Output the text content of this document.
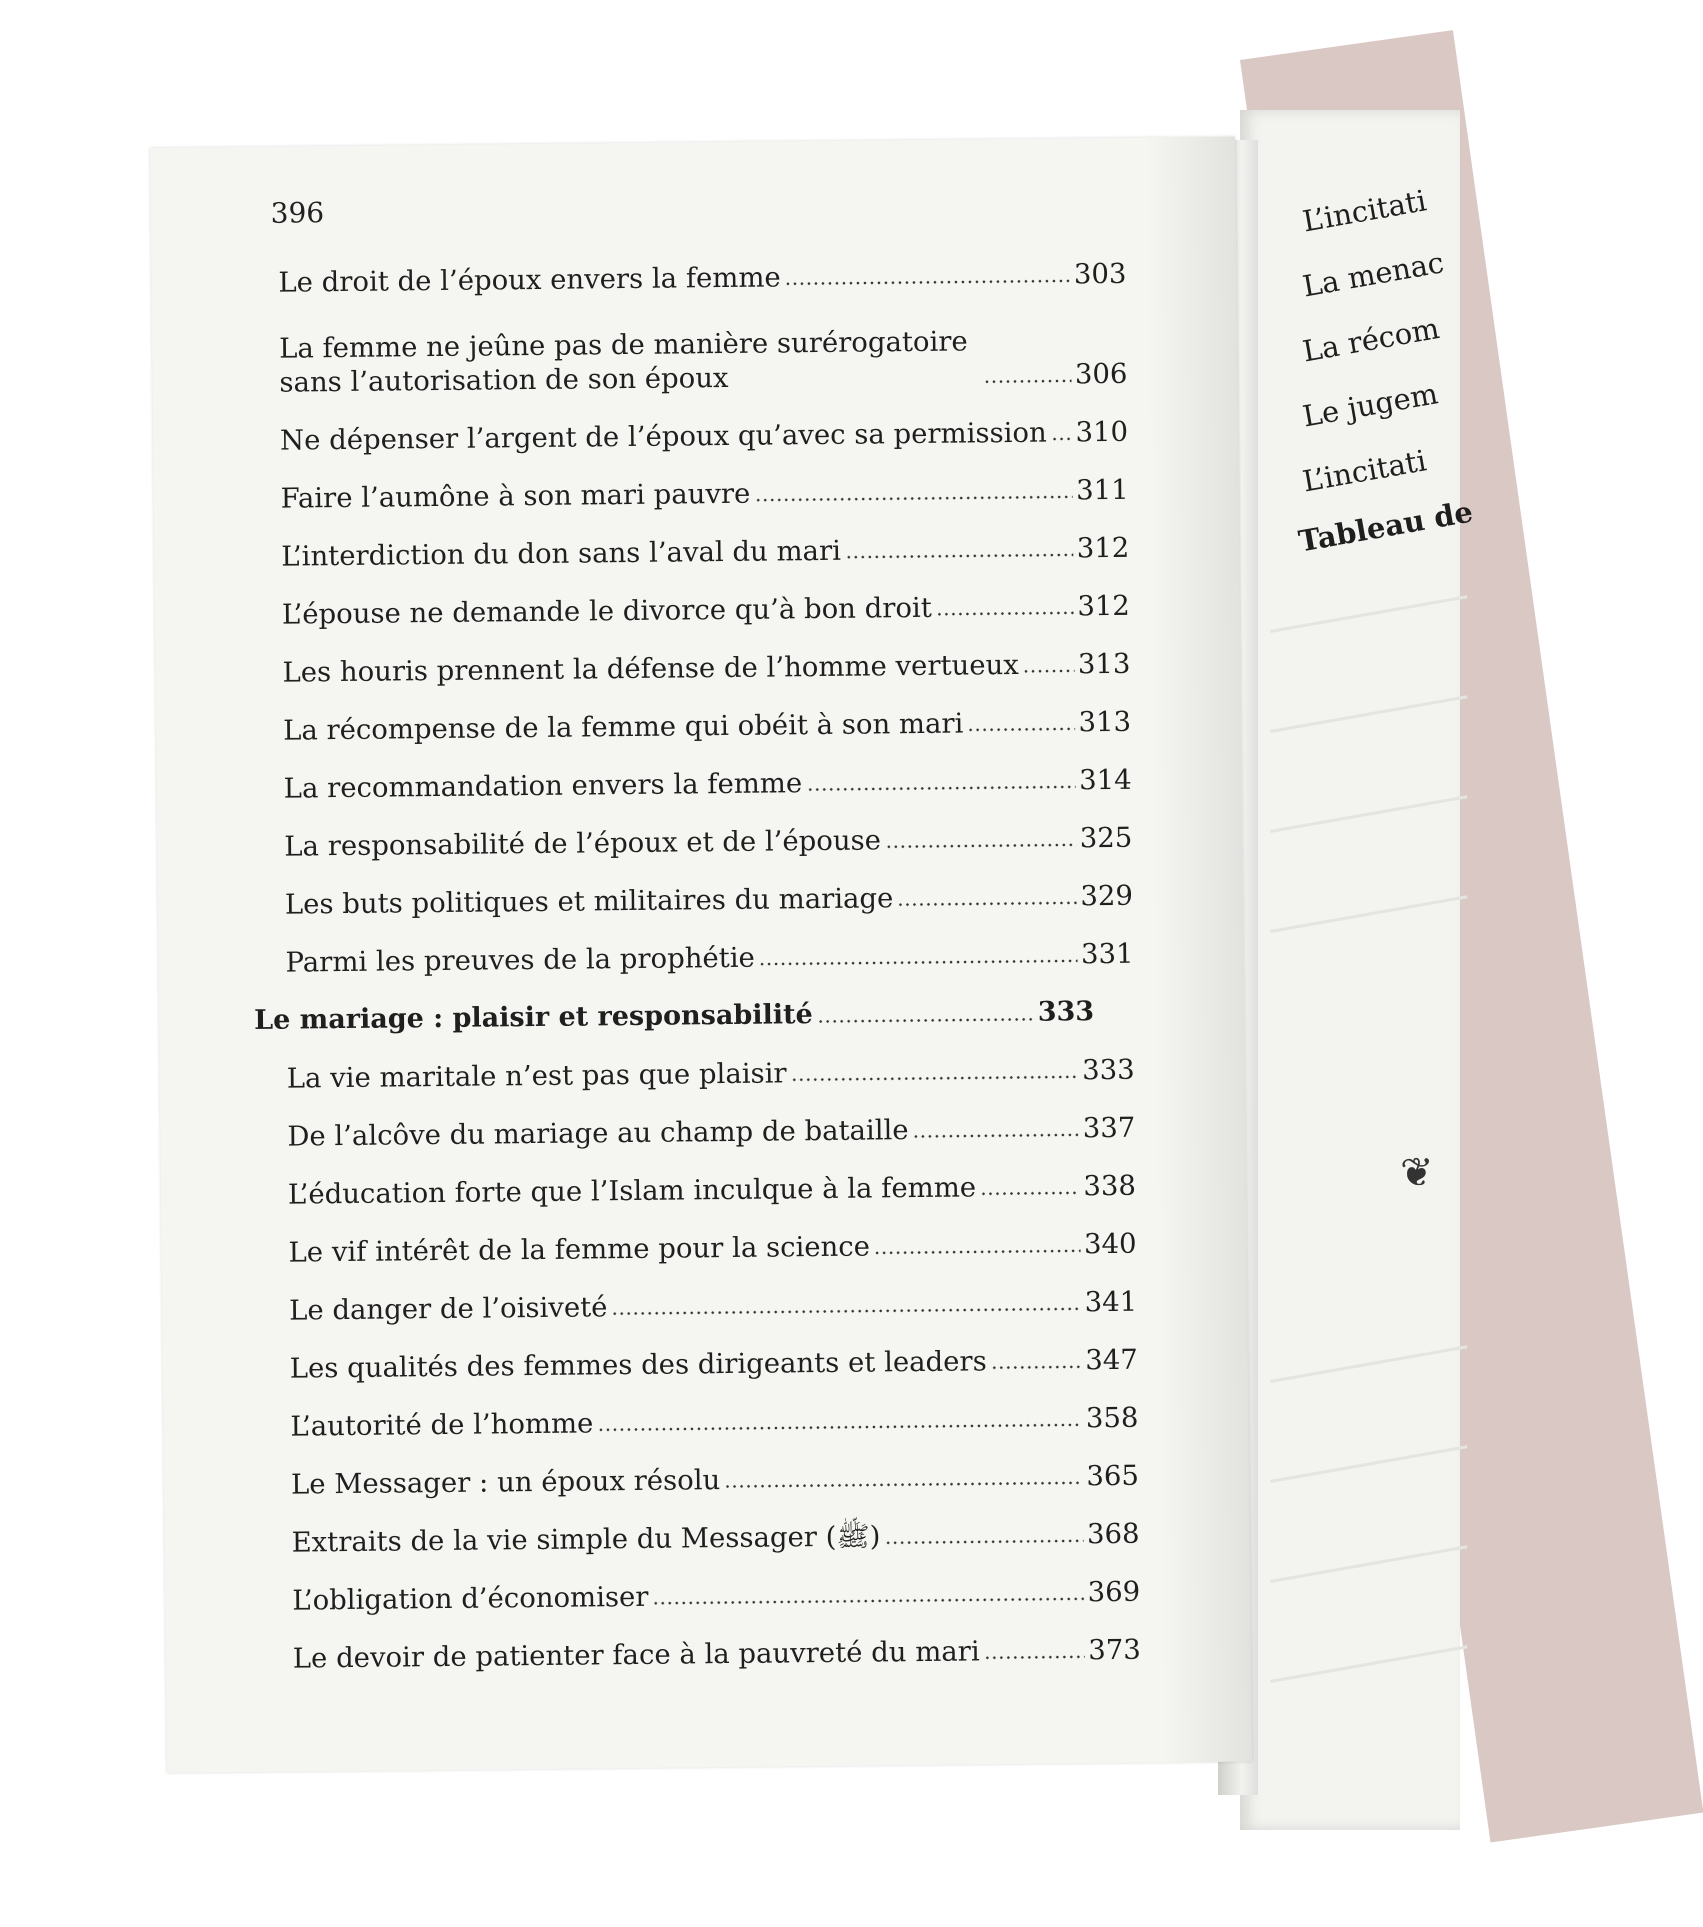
L’incitati
La menac
La récom
Le jugem
L’incitati
Tableau de
❦
396
Le droit de l’époux envers la femme	303
La femme ne jeûne pas de manière surérogatoire sans l’autorisation de son époux	306
Ne dépenser l’argent de l’époux qu’avec sa permission 310
Faire l’aumône à son mari pauvre	311
L’interdiction du don sans l’aval du mari	312
L’épouse ne demande le divorce qu’à bon droit	312
Les houris prennent la défense de l’homme vertueux 313
La récompense de la femme qui obéit à son mari	313
La recommandation envers la femme	314
La responsabilité de l’époux et de l’épouse	325
Les buts politiques et militaires du mariage	329
Parmi les preuves de la prophétie	331
Le mariage : plaisir et responsabilité	333
La vie maritale n’est pas que plaisir	333
De l’alcôve du mariage au champ de bataille	337
L’éducation forte que l’Islam inculque à la femme	338
Le vif intérêt de la femme pour la science	340
Le danger de l’oisiveté	341
Les qualités des femmes des dirigeants et leaders	347
L’autorité de l’homme	358
Le Messager : un époux résolu	365
Extraits de la vie simple du Messager (ﷺ)	368
L’obligation d’économiser	369
Le devoir de patienter face à la pauvreté du mari	373
